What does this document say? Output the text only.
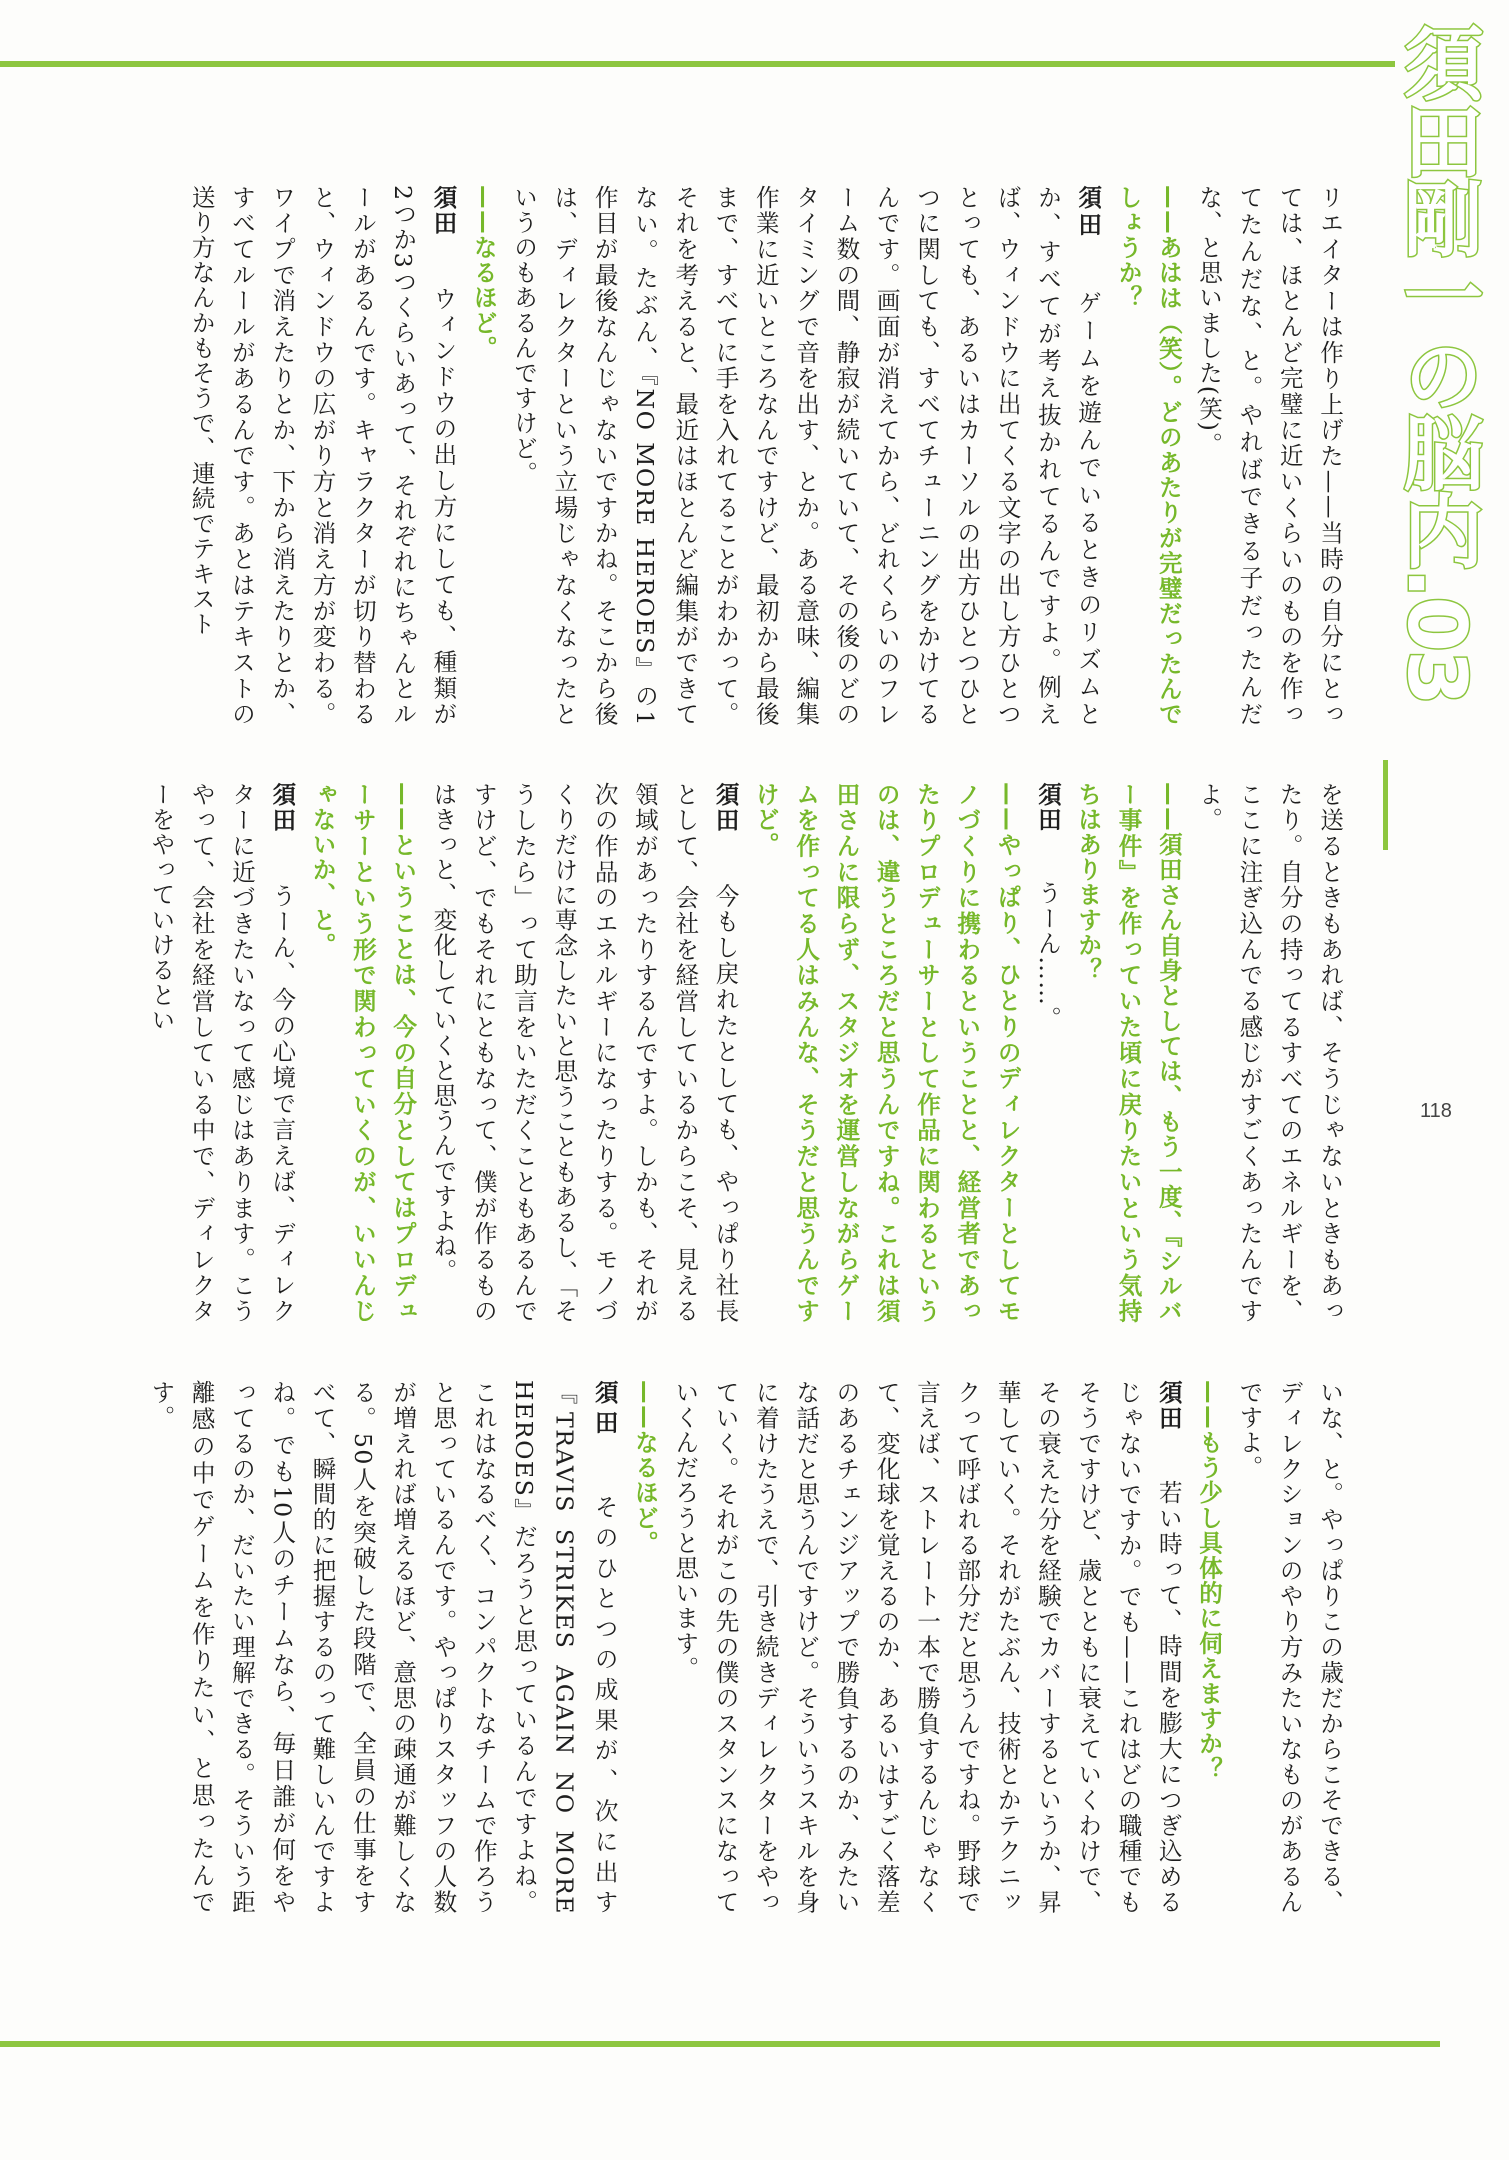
須田剛一の脳内.03
リエイターは作り上げた——当時の自分にとっては、ほとんど完璧に近いくらいのものを作ってたんだな、と。やればできる子だったんだな、と思いました(笑)。
——あはは（笑）。どのあたりが完璧だったんでしょうか？
須田　ゲームを遊んでいるときのリズムとか、すべてが考え抜かれてるんですよ。例えば、ウィンドウに出てくる文字の出し方ひとつとっても、あるいはカーソルの出方ひとつひとつに関しても、すべてチューニングをかけてるんです。画面が消えてから、どれくらいのフレーム数の間、静寂が続いていて、その後のどのタイミングで音を出す、とか。ある意味、編集作業に近いところなんですけど、最初から最後まで、すべてに手を入れてることがわかって。それを考えると、最近はほとんど編集ができてない。たぶん、『NO MORE HEROES』の1作目が最後なんじゃないですかね。そこから後は、ディレクターという立場じゃなくなったというのもあるんですけど。
——なるほど。
須田　ウィンドウの出し方にしても、種類が2つか3つくらいあって、それぞれにちゃんとルールがあるんです。キャラクターが切り替わると、ウィンドウの広がり方と消え方が変わる。ワイプで消えたりとか、下から消えたりとか、すべてルールがあるんです。あとはテキストの送り方なんかもそうで、連続でテキスト
を送るときもあれば、そうじゃないときもあったり。自分の持ってるすべてのエネルギーを、ここに注ぎ込んでる感じがすごくあったんですよ。
——須田さん自身としては、もう一度、『シルバー事件』を作っていた頃に戻りたいという気持ちはありますか？
須田　うーん……。
——やっぱり、ひとりのディレクターとしてモノづくりに携わるということと、経営者であったりプロデューサーとして作品に関わるというのは、違うところだと思うんですね。これは須田さんに限らず、スタジオを運営しながらゲームを作ってる人はみんな、そうだと思うんですけど。
須田　今もし戻れたとしても、やっぱり社長として、会社を経営しているからこそ、見える領域があったりするんですよ。しかも、それが次の作品のエネルギーになったりする。モノづくりだけに専念したいと思うこともあるし、「そうしたら」って助言をいただくこともあるんですけど、でもそれにともなって、僕が作るものはきっと、変化していくと思うんですよね。
——ということは、今の自分としてはプロデューサーという形で関わっていくのが、いいんじゃないか、と。
須田　うーん、今の心境で言えば、ディレクターに近づきたいなって感じはあります。こうやって、会社を経営している中で、ディレクターをやっていけるとい
いな、と。やっぱりこの歳だからこそできる、ディレクションのやり方みたいなものがあるんですよ。
——もう少し具体的に伺えますか？
須田　若い時って、時間を膨大につぎ込めるじゃないですか。でも——これはどの職種でもそうですけど、歳とともに衰えていくわけで、その衰えた分を経験でカバーするというか、昇華していく。それがたぶん、技術とかテクニックって呼ばれる部分だと思うんですね。野球で言えば、ストレート一本で勝負するんじゃなくて、変化球を覚えるのか、あるいはすごく落差のあるチェンジアップで勝負するのか、みたいな話だと思うんですけど。そういうスキルを身に着けたうえで、引き続きディレクターをやっていく。それがこの先の僕のスタンスになっていくんだろうと思います。
——なるほど。
須田　そのひとつの成果が、次に出す『TRAVIS STRIKES AGAIN NO MORE HEROES』だろうと思っているんですよね。これはなるべく、コンパクトなチームで作ろうと思っているんです。やっぱりスタッフの人数が増えれば増えるほど、意思の疎通が難しくなる。50人を突破した段階で、全員の仕事をすべて、瞬間的に把握するのって難しいんですよね。でも10人のチームなら、毎日誰が何をやってるのか、だいたい理解できる。そういう距離感の中でゲームを作りたい、と思ったんです。
118
